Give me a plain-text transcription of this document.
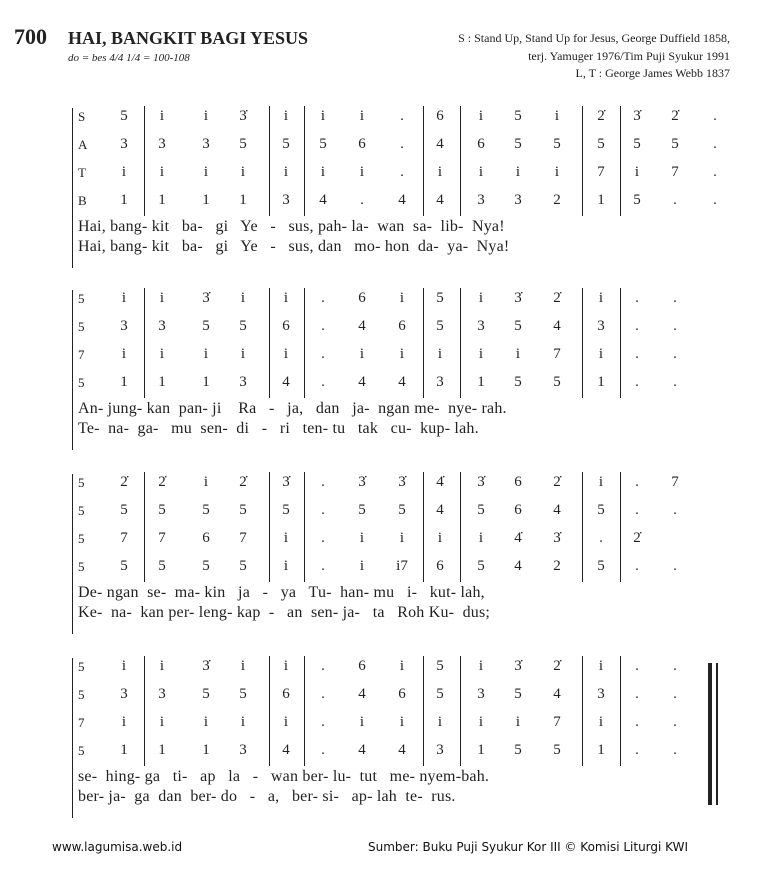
700 HAI, BANGKIT BAGI YESUS
do = bes 4/4 1/4 = 100-108
S : Stand Up, Stand Up for Jesus, George Duffield 1858,
terj. Yamuger 1976/Tim Puji Syukur 1991
L, T : George James Webb 1837
S	5	i	i	3̇	i	i	i	.	6	i	5	i	2̇	3̇	2̇	.
A	3	3	3	5	5	5	6	.	4	6	5	5	5	5	5	.
T	i	i	i	i	i	i	i	.	i	i	i	i	7	i	7	.
B	1	1	1	1	3	4	.	4	4	3	3	2	1	5	.	.
Hai, bang- kit   ba-   gi   Ye   -   sus, pah- la-  wan  sa-  lib-  Nya!
Hai, bang- kit   ba-   gi   Ye   -   sus, dan   mo- hon  da-  ya-  Nya!
5	i	i	3̇	i	i	.	6	i	5	i	3̇	2̇	i	.	.
5	3	3	5	5	6	.	4	6	5	3	5	4	3	.	.
7	i	i	i	i	i	.	i	i	i	i	i	7	i	.	.
5	1	1	1	3	4	.	4	4	3	1	5	5	1	.	.
An- jung- kan  pan- ji    Ra   -   ja,   dan   ja-  ngan me-  nye- rah.
Te-  na-  ga-   mu  sen-  di   -   ri   ten- tu   tak   cu-  kup- lah.
5	2̇	2̇	i	2̇	3̇	.	3̇	3̇	4̇	3̇	6	2̇	i	.	7
5	5	5	5	5	5	.	5	5	4	5	6	4	5	.	.
5	7	7	6	7	i	.	i	i	i	i	4̇	3̇	.	2̇
5	5	5	5	5	i	.	i	i7	6	5	4	2	5	.	.
De- ngan  se-  ma- kin   ja   -   ya   Tu-  han- mu   i-   kut- lah,
Ke-  na-  kan per- leng- kap  -   an  sen- ja-   ta   Roh Ku-  dus;
5	i	i	3̇	i	i	.	6	i	5	i	3̇	2̇	i	.	.
5	3	3	5	5	6	.	4	6	5	3	5	4	3	.	.
7	i	i	i	i	i	.	i	i	i	i	i	7	i	.	.
5	1	1	1	3	4	.	4	4	3	1	5	5	1	.	.
se-  hing- ga   ti-   ap   la   -   wan ber- lu-  tut   me- nyem-bah.
ber- ja-  ga  dan  ber- do   -   a,   ber- si-   ap- lah  te-  rus.
www.lagumisa.web.id	Sumber: Buku Puji Syukur Kor III © Komisi Liturgi KWI
